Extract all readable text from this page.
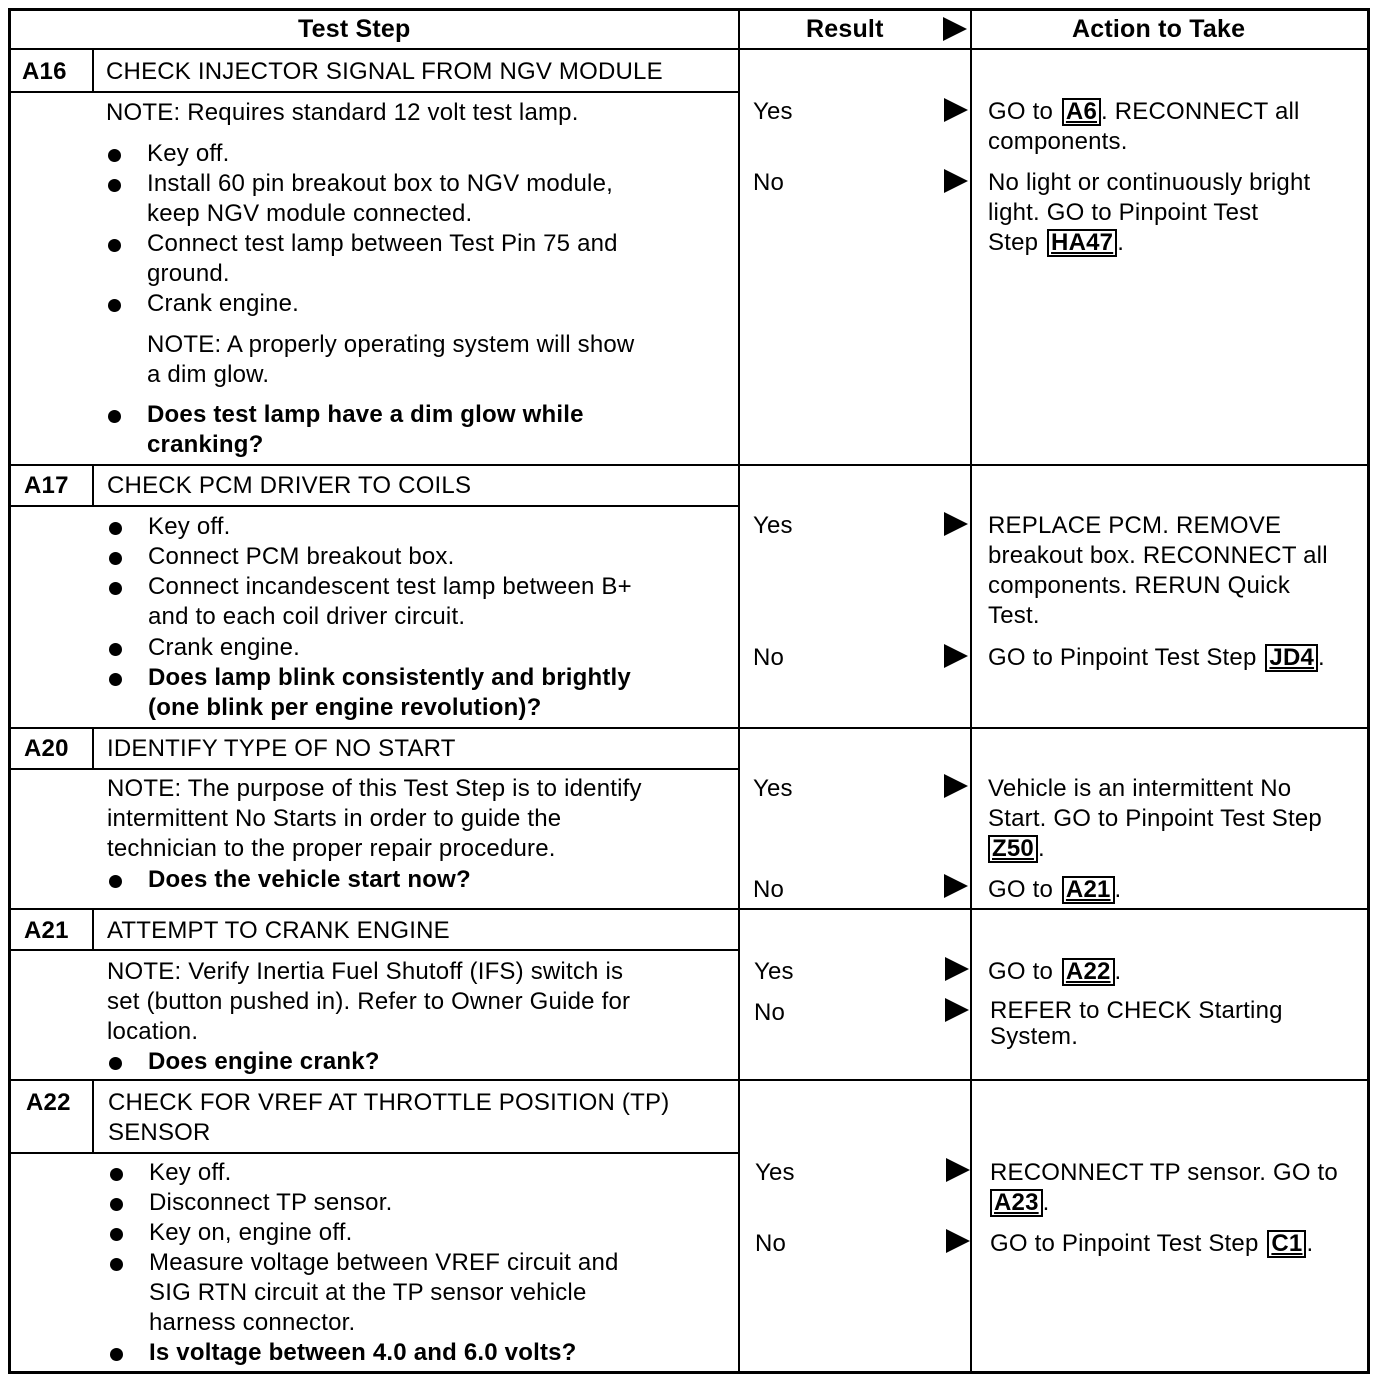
Test Step	Result	Action to Take
A16 CHECK INJECTOR SIGNAL FROM NGV MODULE
NOTE: Requires standard 12 volt test lamp.
Key off.
Install 60 pin breakout box to NGV module,
keep NGV module connected.
Connect test lamp between Test Pin 75 and
ground.
Crank engine.
NOTE: A properly operating system will show
a dim glow.
Does test lamp have a dim glow while
cranking?
Yes
No
GO to A6 . RECONNECT all
components.
No light or continuously bright
light. GO to Pinpoint Test
Step HA47 .
A17 CHECK PCM DRIVER TO COILS
Key off.
Connect PCM breakout box.
Connect incandescent test lamp between B+
and to each coil driver circuit.
Crank engine.
Does lamp blink consistently and brightly
(one blink per engine revolution)?
Yes
No
REPLACE PCM. REMOVE
breakout box. RECONNECT all
components. RERUN Quick
Test.
GO to Pinpoint Test Step JD4 .
A20 IDENTIFY TYPE OF NO START
NOTE: The purpose of this Test Step is to identify
intermittent No Starts in order to guide the
technician to the proper repair procedure.
Does the vehicle start now?
Yes
No
Vehicle is an intermittent No
Start. GO to Pinpoint Test Step
Z50 .
GO to A21 .
A21 ATTEMPT TO CRANK ENGINE
NOTE: Verify Inertia Fuel Shutoff (IFS) switch is
set (button pushed in). Refer to Owner Guide for
location.
Does engine crank?
Yes
No
GO to A22 .
REFER to CHECK Starting
System.
A22 CHECK FOR VREF AT THROTTLE POSITION (TP)
SENSOR
Key off.
Disconnect TP sensor.
Key on, engine off.
Measure voltage between VREF circuit and
SIG RTN circuit at the TP sensor vehicle
harness connector.
Is voltage between 4.0 and 6.0 volts?
Yes
No
RECONNECT TP sensor. GO to
A23 .
GO to Pinpoint Test Step C1 .
